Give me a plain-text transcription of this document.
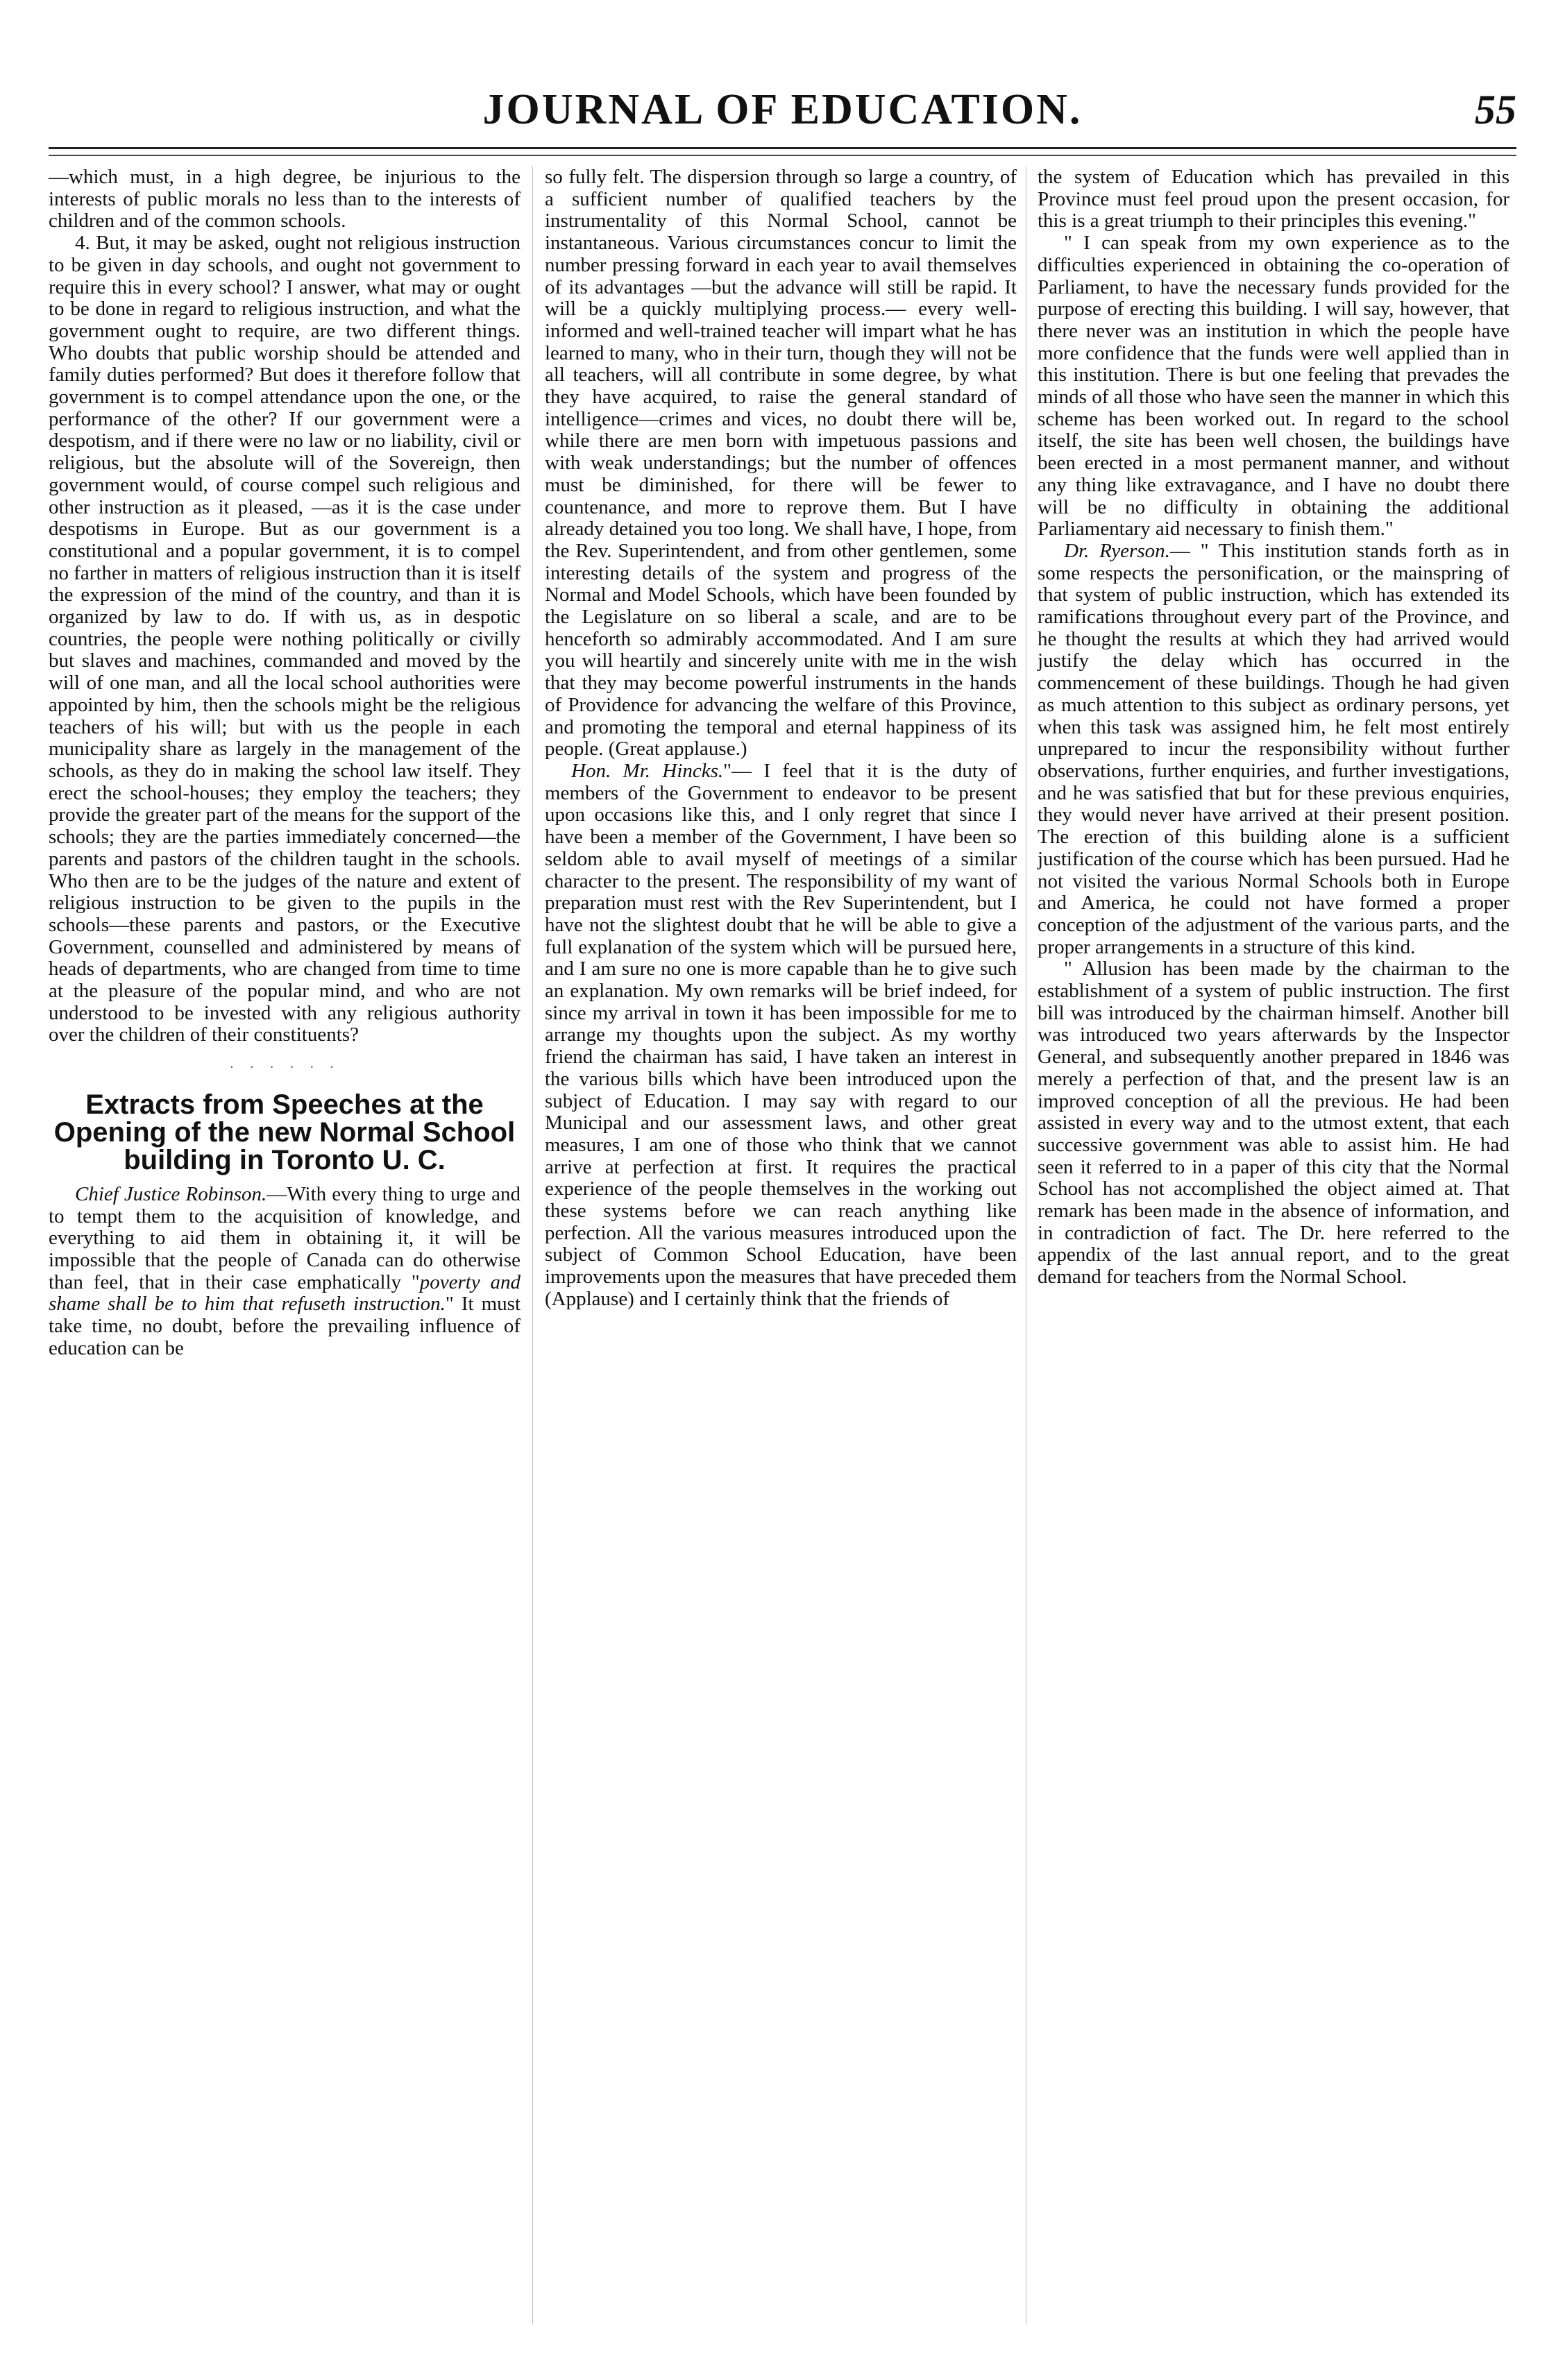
JOURNAL OF EDUCATION.	55

—which must, in a high degree, be injurious to the interests of public morals no less than to the interests of children and of the common schools.

4. But, it may be asked, ought not religious instruction to be given in day schools, and ought not government to require this in every school? I answer, what may or ought to be done in regard to religious instruction, and what the government ought to require, are two different things. Who doubts that public worship should be attended and family duties performed? But does it therefore follow that government is to compel attendance upon the one, or the performance of the other? If our government were a despotism, and if there were no law or no liability, civil or religious, but the absolute will of the Sovereign, then government would, of course compel such religious and other instruction as it pleased, —as it is the case under despotisms in Europe. But as our government is a constitutional and a popular government, it is to compel no farther in matters of religious instruction than it is itself the expression of the mind of the country, and than it is organized by law to do. If with us, as in despotic countries, the people were nothing politically or civilly but slaves and machines, commanded and moved by the will of one man, and all the local school authorities were appointed by him, then the schools might be the religious teachers of his will; but with us the people in each municipality share as largely in the management of the schools, as they do in making the school law itself. They erect the school-houses; they employ the teachers; they provide the greater part of the means for the support of the schools; they are the parties immediately concerned—the parents and pastors of the children taught in the schools. Who then are to be the judges of the nature and extent of religious instruction to be given to the pupils in the schools—these parents and pastors, or the Executive Government, counselled and administered by means of heads of departments, who are changed from time to time at the pleasure of the popular mind, and who are not understood to be invested with any religious authority over the children of their constituents?

· · · · · ·
Extracts from Speeches at the Opening of the new Normal School building in Toronto U. C.

Chief Justice Robinson.—With every thing to urge and to tempt them to the acquisition of knowledge, and everything to aid them in obtaining it, it will be impossible that the people of Canada can do otherwise than feel, that in their case emphatically "poverty and shame shall be to him that refuseth instruction." It must take time, no doubt, before the prevailing influence of education can be

so fully felt. The dispersion through so large a country, of a sufficient number of qualified teachers by the instrumentality of this Normal School, cannot be instantaneous. Various circumstances concur to limit the number pressing forward in each year to avail themselves of its advantages —but the advance will still be rapid. It will be a quickly multiplying process.— every well-informed and well-trained teacher will impart what he has learned to many, who in their turn, though they will not be all teachers, will all contribute in some degree, by what they have acquired, to raise the general standard of intelligence—crimes and vices, no doubt there will be, while there are men born with impetuous passions and with weak understandings; but the number of offences must be diminished, for there will be fewer to countenance, and more to reprove them. But I have already detained you too long. We shall have, I hope, from the Rev. Superintendent, and from other gentlemen, some interesting details of the system and progress of the Normal and Model Schools, which have been founded by the Legislature on so liberal a scale, and are to be henceforth so admirably accommodated. And I am sure you will heartily and sincerely unite with me in the wish that they may become powerful instruments in the hands of Providence for advancing the welfare of this Province, and promoting the temporal and eternal happiness of its people. (Great applause.)

Hon. Mr. Hincks."— I feel that it is the duty of members of the Government to endeavor to be present upon occasions like this, and I only regret that since I have been a member of the Government, I have been so seldom able to avail myself of meetings of a similar character to the present. The responsibility of my want of preparation must rest with the Rev Superintendent, but I have not the slightest doubt that he will be able to give a full explanation of the system which will be pursued here, and I am sure no one is more capable than he to give such an explanation. My own remarks will be brief indeed, for since my arrival in town it has been impossible for me to arrange my thoughts upon the subject. As my worthy friend the chairman has said, I have taken an interest in the various bills which have been introduced upon the subject of Education. I may say with regard to our Municipal and our assessment laws, and other great measures, I am one of those who think that we cannot arrive at perfection at first. It requires the practical experience of the people themselves in the working out these systems before we can reach anything like perfection. All the various measures introduced upon the subject of Common School Education, have been improvements upon the measures that have preceded them (Applause) and I certainly think that the friends of

the system of Education which has prevailed in this Province must feel proud upon the present occasion, for this is a great triumph to their principles this evening."

" I can speak from my own experience as to the difficulties experienced in obtaining the co-operation of Parliament, to have the necessary funds provided for the purpose of erecting this building. I will say, however, that there never was an institution in which the people have more confidence that the funds were well applied than in this institution. There is but one feeling that prevades the minds of all those who have seen the manner in which this scheme has been worked out. In regard to the school itself, the site has been well chosen, the buildings have been erected in a most permanent manner, and without any thing like extravagance, and I have no doubt there will be no difficulty in obtaining the additional Parliamentary aid necessary to finish them."

Dr. Ryerson.— " This institution stands forth as in some respects the personification, or the mainspring of that system of public instruction, which has extended its ramifications throughout every part of the Province, and he thought the results at which they had arrived would justify the delay which has occurred in the commencement of these buildings. Though he had given as much attention to this subject as ordinary persons, yet when this task was assigned him, he felt most entirely unprepared to incur the responsibility without further observations, further enquiries, and further investigations, and he was satisfied that but for these previous enquiries, they would never have arrived at their present position. The erection of this building alone is a sufficient justification of the course which has been pursued. Had he not visited the various Normal Schools both in Europe and America, he could not have formed a proper conception of the adjustment of the various parts, and the proper arrangements in a structure of this kind.

" Allusion has been made by the chairman to the establishment of a system of public instruction. The first bill was introduced by the chairman himself. Another bill was introduced two years afterwards by the Inspector General, and subsequently another prepared in 1846 was merely a perfection of that, and the present law is an improved conception of all the previous. He had been assisted in every way and to the utmost extent, that each successive government was able to assist him. He had seen it referred to in a paper of this city that the Normal School has not accomplished the object aimed at. That remark has been made in the absence of information, and in contradiction of fact. The Dr. here referred to the appendix of the last annual report, and to the great demand for teachers from the Normal School.
